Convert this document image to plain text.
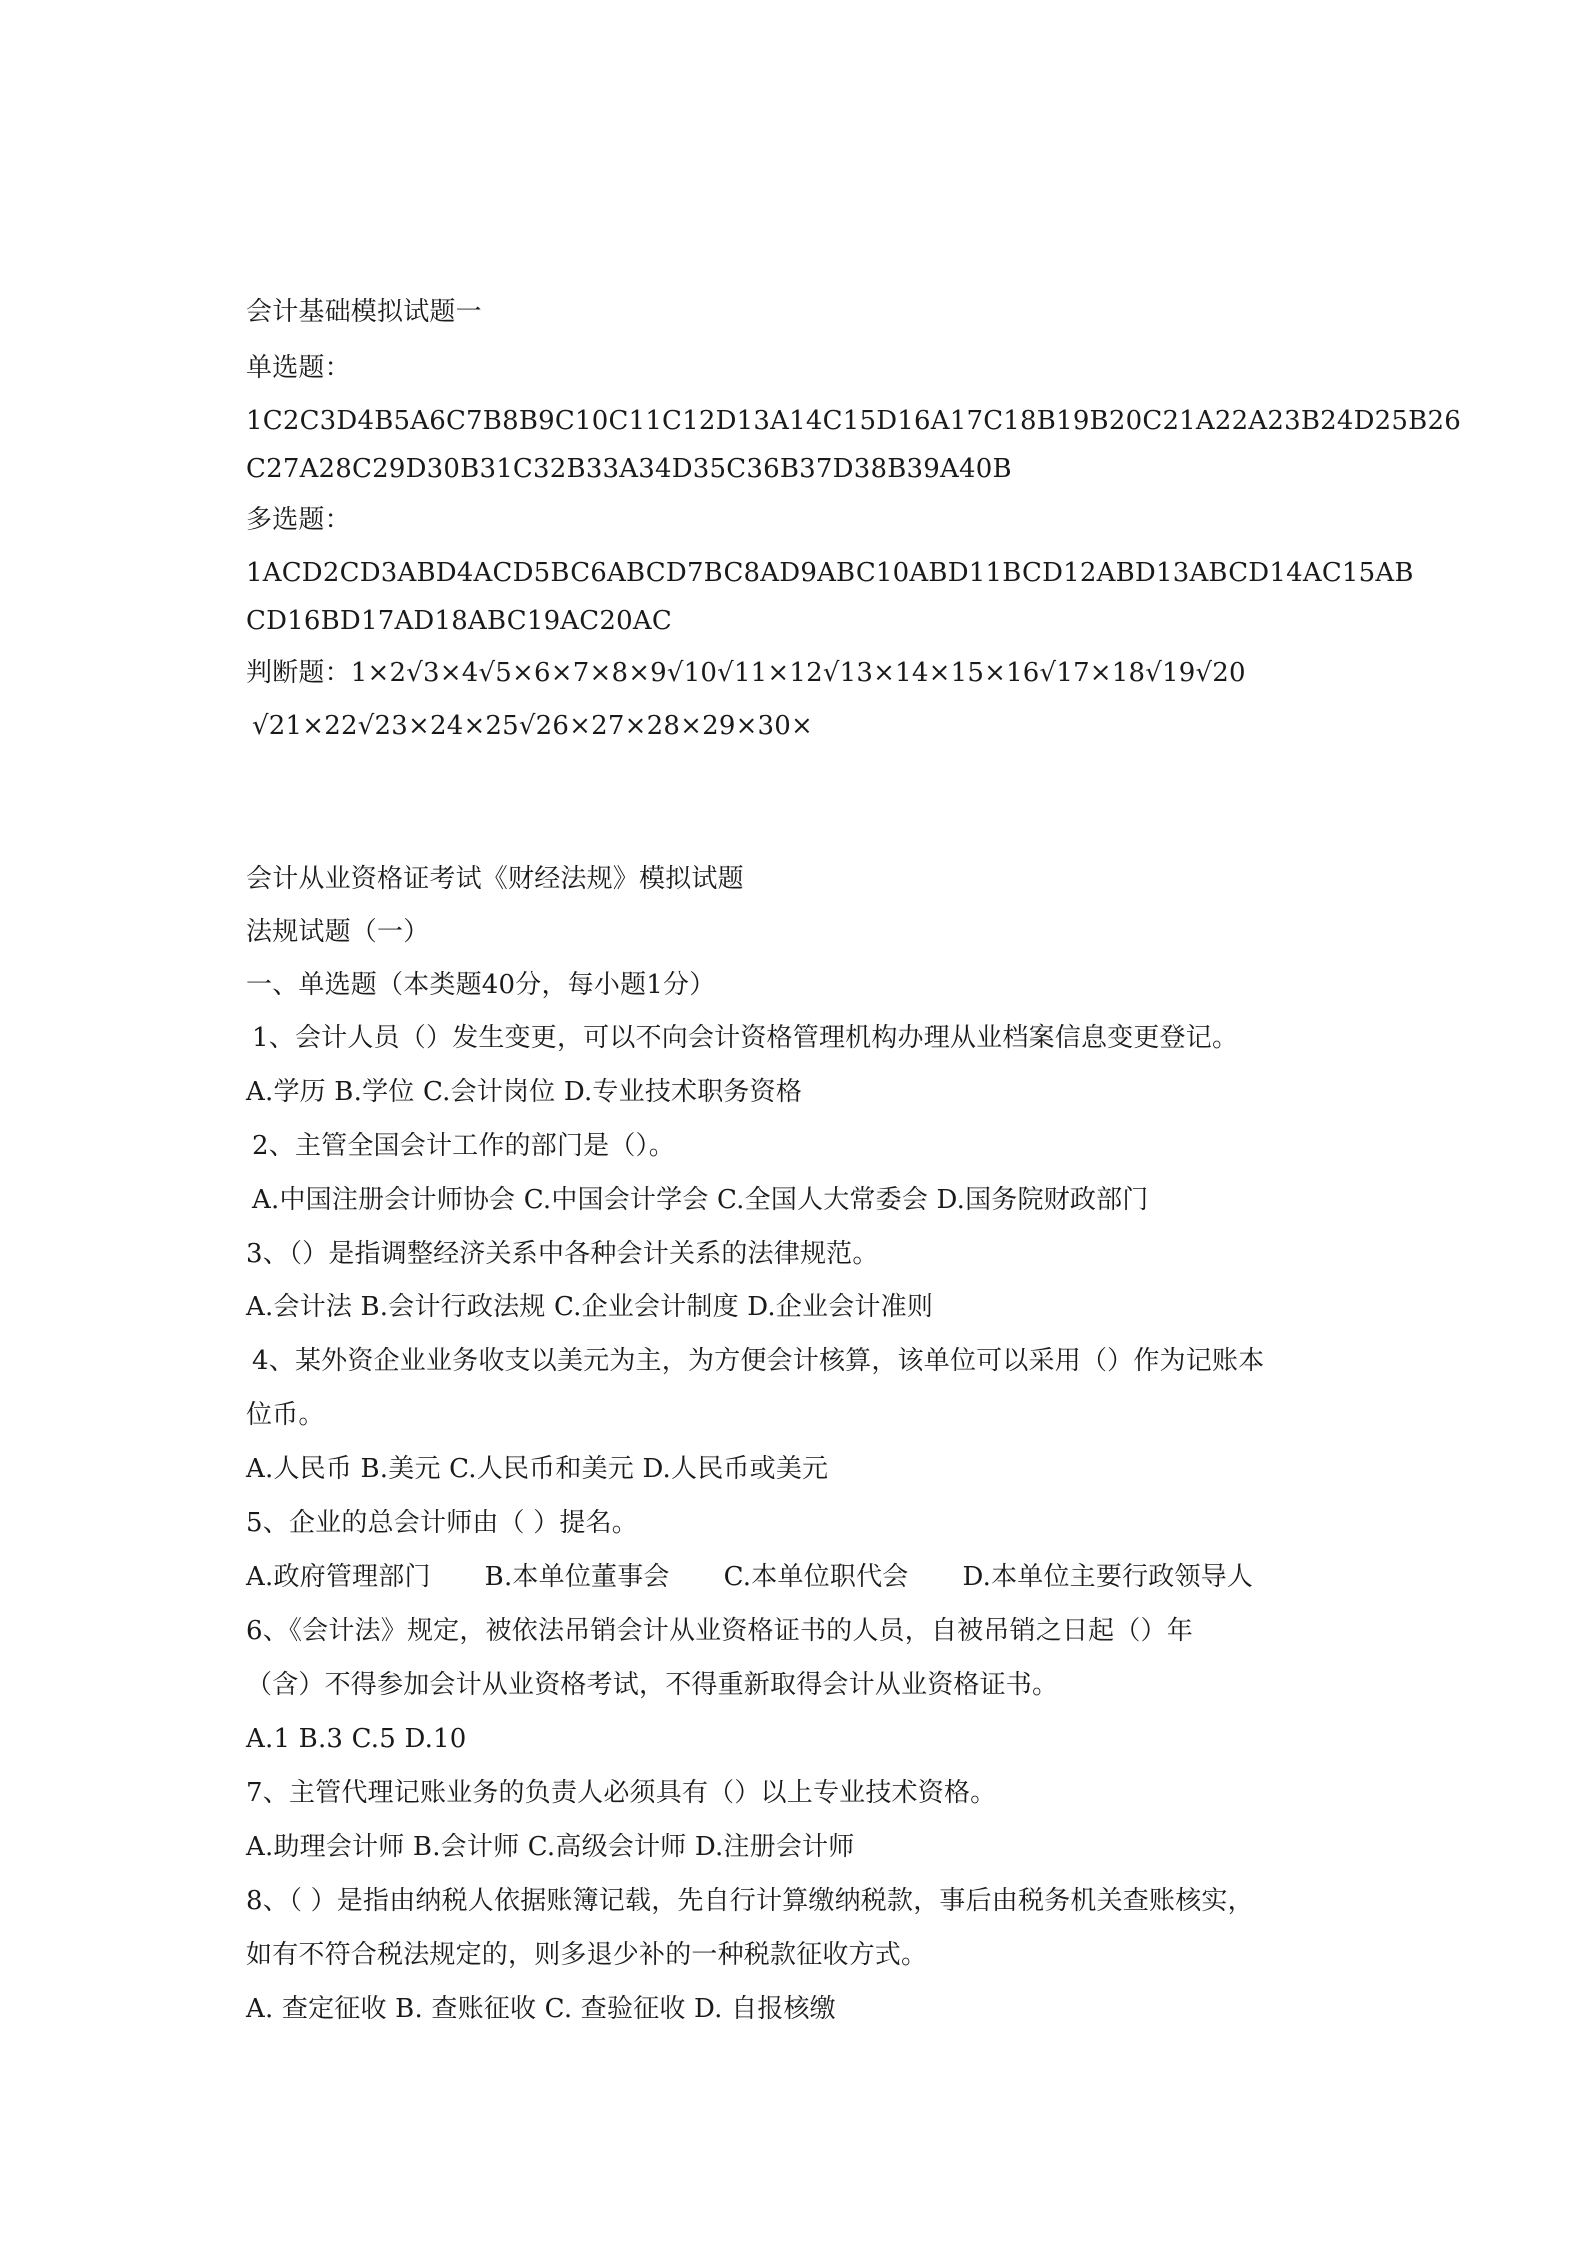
会计基础模拟试题一
单选题：
1C2C3D4B5A6C7B8B9C10C11C12D13A14C15D16A17C18B19B20C21A22A23B24D25B26
C27A28C29D30B31C32B33A34D35C36B37D38B39A40B
多选题：
1ACD2CD3ABD4ACD5BC6ABCD7BC8AD9ABC10ABD11BCD12ABD13ABCD14AC15AB
CD16BD17AD18ABC19AC20AC
判断题：1×2√3×4√5×6×7×8×9√10√11×12√13×14×15×16√17×18√19√20
√21×22√23×24×25√26×27×28×29×30×
会计从业资格证考试《财经法规》模拟试题
法规试题（一）
一、单选题（本类题40分，每小题1分）
1、会计人员（）发生变更，可以不向会计资格管理机构办理从业档案信息变更登记。
A.学历 B.学位 C.会计岗位 D.专业技术职务资格
2、主管全国会计工作的部门是（）。
A.中国注册会计师协会 C.中国会计学会 C.全国人大常委会 D.国务院财政部门
3、（）是指调整经济关系中各种会计关系的法律规范。
A.会计法 B.会计行政法规 C.企业会计制度 D.企业会计准则
4、某外资企业业务收支以美元为主，为方便会计核算，该单位可以采用（）作为记账本
位币。
A.人民币 B.美元 C.人民币和美元 D.人民币或美元
5、企业的总会计师由（ ）提名。
A.政府管理部门 B.本单位董事会 C.本单位职代会 D.本单位主要行政领导人
6、《会计法》规定，被依法吊销会计从业资格证书的人员，自被吊销之日起（）年
（含）不得参加会计从业资格考试，不得重新取得会计从业资格证书。
A.1 B.3 C.5 D.10
7、主管代理记账业务的负责人必须具有（）以上专业技术资格。
A.助理会计师 B.会计师 C.高级会计师 D.注册会计师
8、（ ）是指由纳税人依据账簿记载，先自行计算缴纳税款，事后由税务机关查账核实，
如有不符合税法规定的，则多退少补的一种税款征收方式。
A. 查定征收 B. 查账征收 C. 查验征收 D. 自报核缴
